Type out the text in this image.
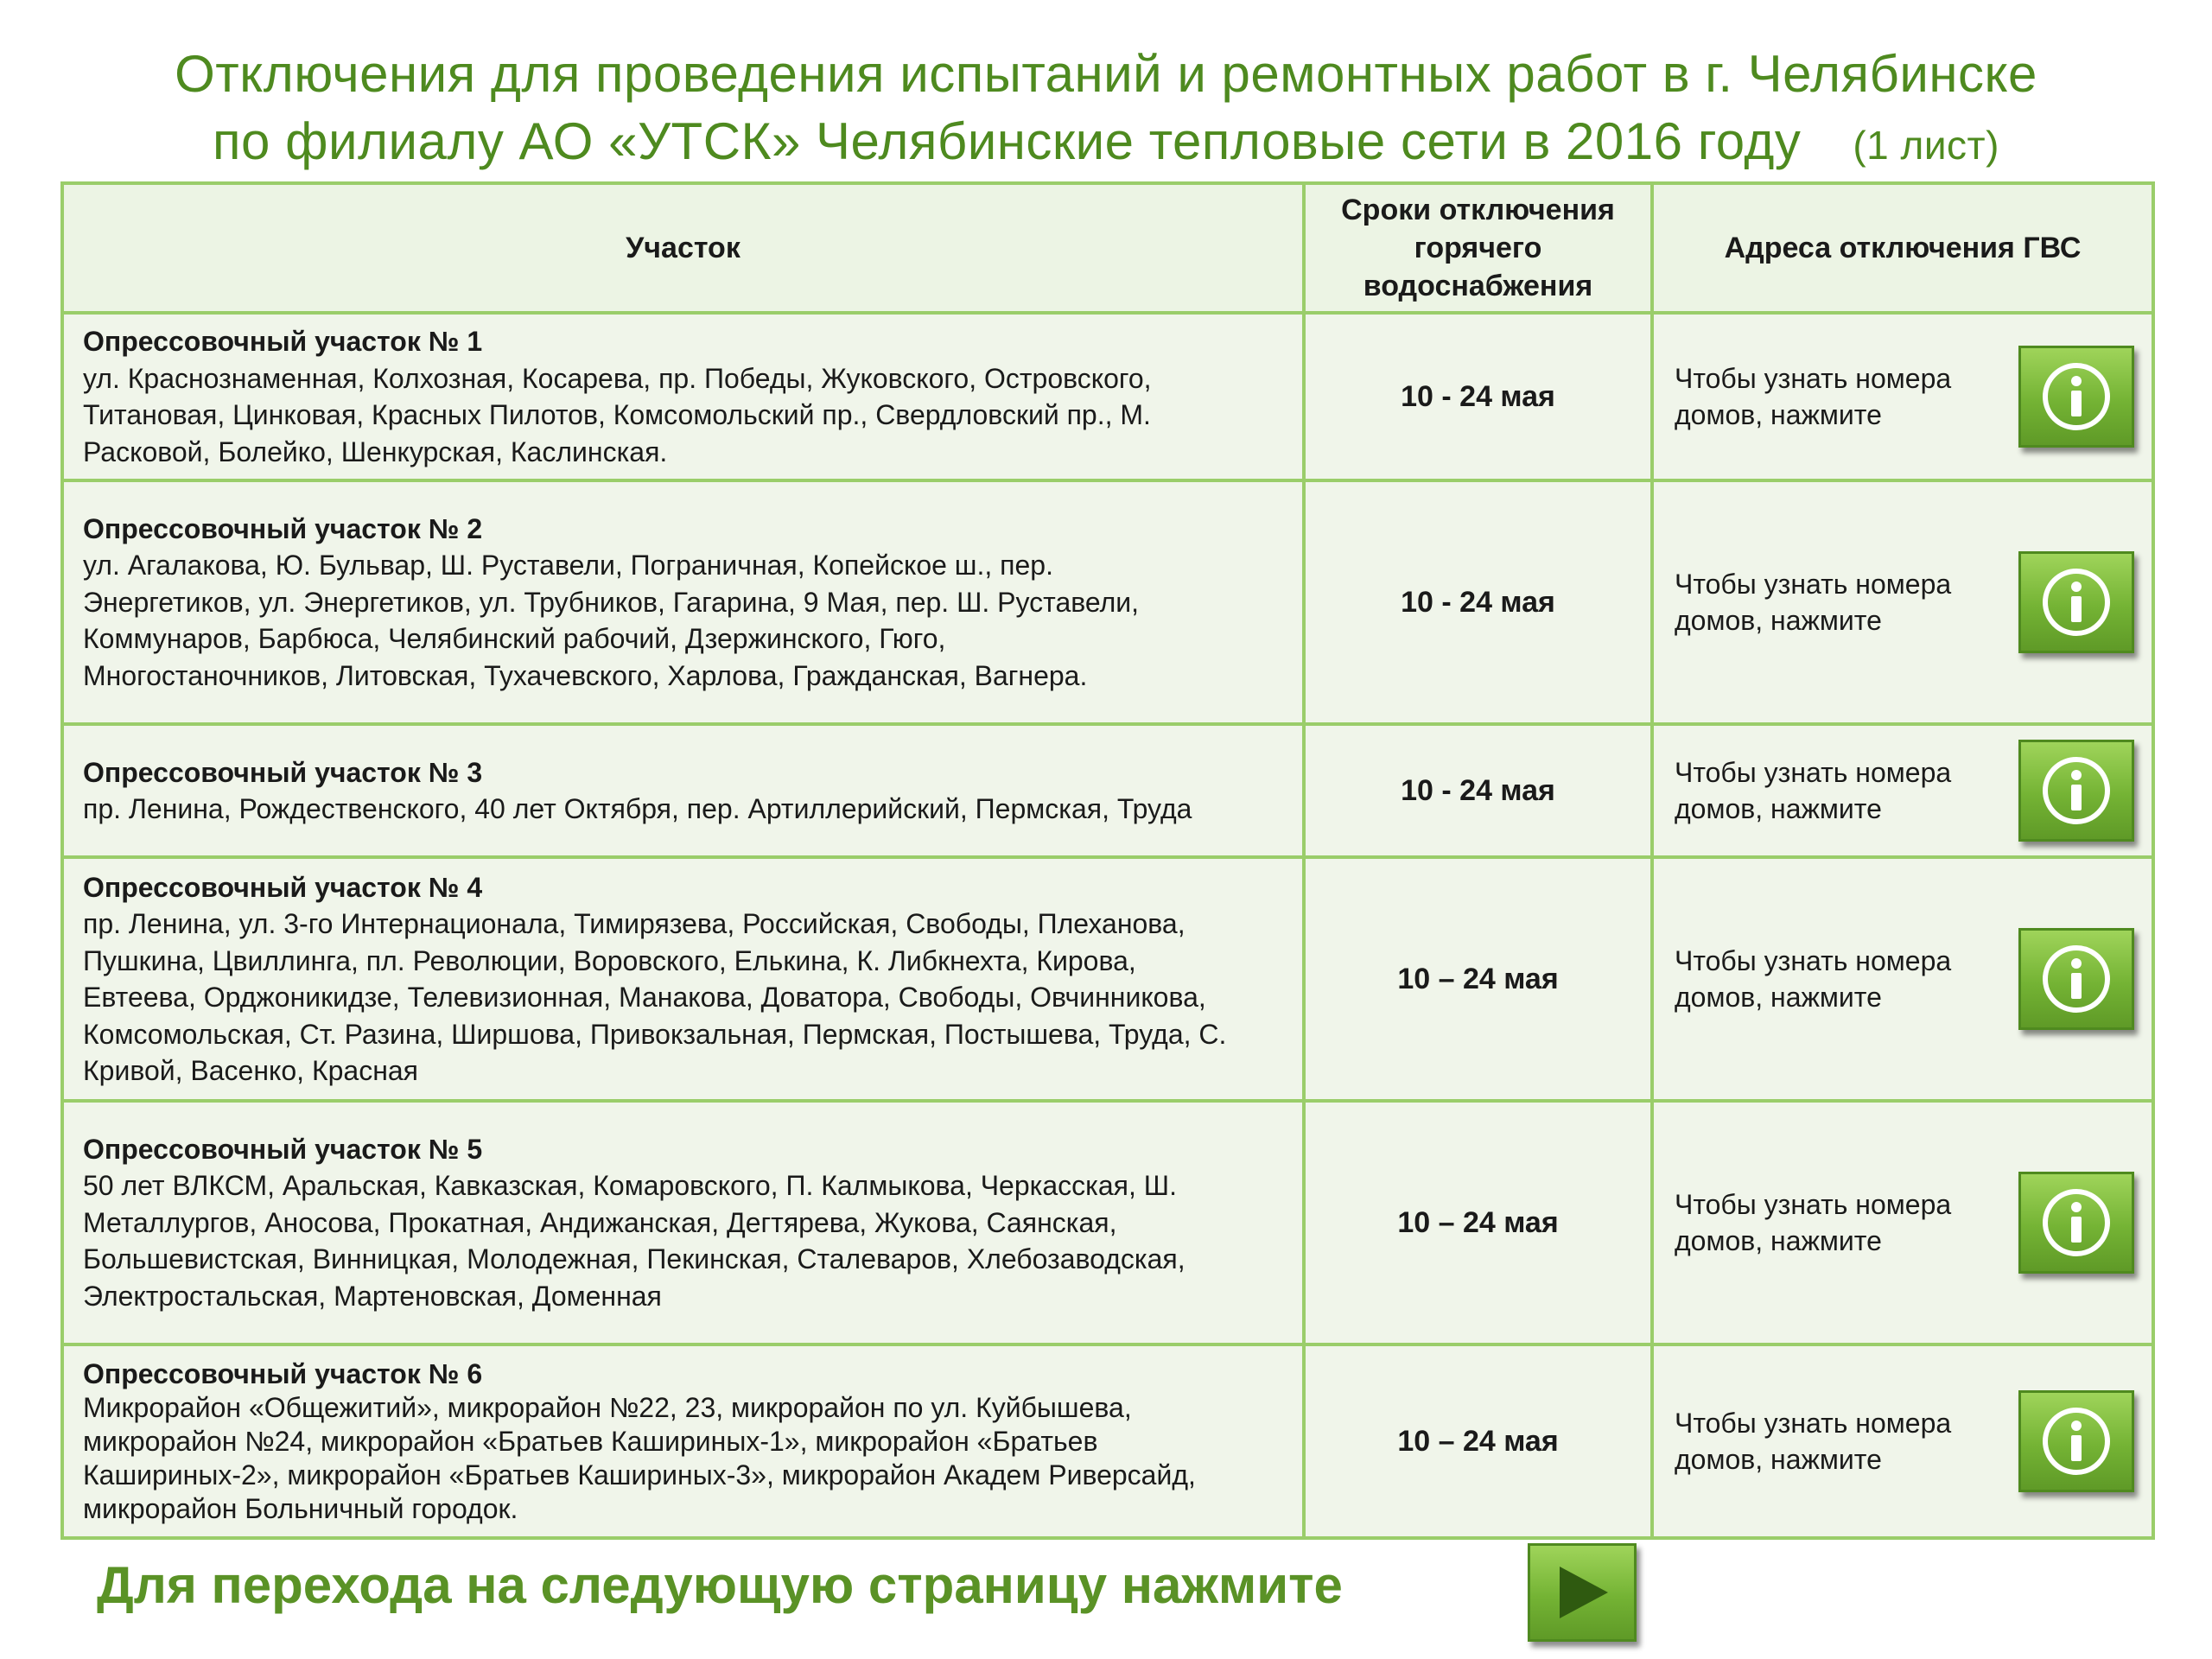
Отключения для проведения испытаний и ремонтных работ в г. Челябинске
по филиалу АО «УТСК» Челябинские тепловые сети в 2016 году (1 лист)
Участок	Сроки отключения горячего водоснабжения	Адреса отключения ГВС

Опрессовочный участок № 1
ул. Краснознаменная, Колхозная, Косарева, пр. Победы, Жуковского, Островского, Титановая, Цинковая, Красных Пилотов, Комсомольский пр., Свердловский пр., М. Расковой, Болейко, Шенкурская, Каслинская.	10 - 24 мая	Чтобы узнать номера домов, нажмите

Опрессовочный участок № 2
ул. Агалакова, Ю. Бульвар, Ш. Руставели, Пограничная, Копейское ш., пер. Энергетиков, ул. Энергетиков, ул. Трубников, Гагарина, 9 Мая, пер. Ш. Руставели, Коммунаров, Барбюса, Челябинский рабочий, Дзержинского, Гюго, Многостаночников, Литовская, Тухачевского, Харлова, Гражданская, Вагнера.	10 - 24 мая	Чтобы узнать номера домов, нажмите

Опрессовочный участок № 3
пр. Ленина, Рождественского, 40 лет Октября, пер. Артиллерийский, Пермская, Труда	10 - 24 мая	Чтобы узнать номера домов, нажмите

Опрессовочный участок № 4
пр. Ленина, ул. 3-го Интернационала, Тимирязева, Российская, Свободы, Плеханова, Пушкина, Цвиллинга, пл. Революции, Воровского, Елькина, К. Либкнехта, Кирова, Евтеева, Орджоникидзе, Телевизионная, Манакова, Доватора, Свободы, Овчинникова, Комсомольская, Ст. Разина, Ширшова, Привокзальная, Пермская, Постышева, Труда, С. Кривой, Васенко, Красная	10 – 24 мая	Чтобы узнать номера домов, нажмите

Опрессовочный участок № 5
50 лет ВЛКСМ, Аральская, Кавказская, Комаровского, П. Калмыкова, Черкасская, Ш. Металлургов, Аносова, Прокатная, Андижанская, Дегтярева, Жукова, Саянская, Большевистская, Винницкая, Молодежная, Пекинская, Сталеваров, Хлебозаводская, Электростальская, Мартеновская, Доменная	10 – 24 мая	Чтобы узнать номера домов, нажмите

Опрессовочный участок № 6
Микрорайон «Общежитий», микрорайон №22, 23, микрорайон по ул. Куйбышева, микрорайон №24, микрорайон «Братьев Кашириных-1», микрорайон «Братьев Кашириных-2», микрорайон «Братьев Кашириных-3», микрорайон Академ Риверсайд, микрорайон Больничный городок.	10 – 24 мая	Чтобы узнать номера домов, нажмите
Для перехода на следующую страницу нажмите
